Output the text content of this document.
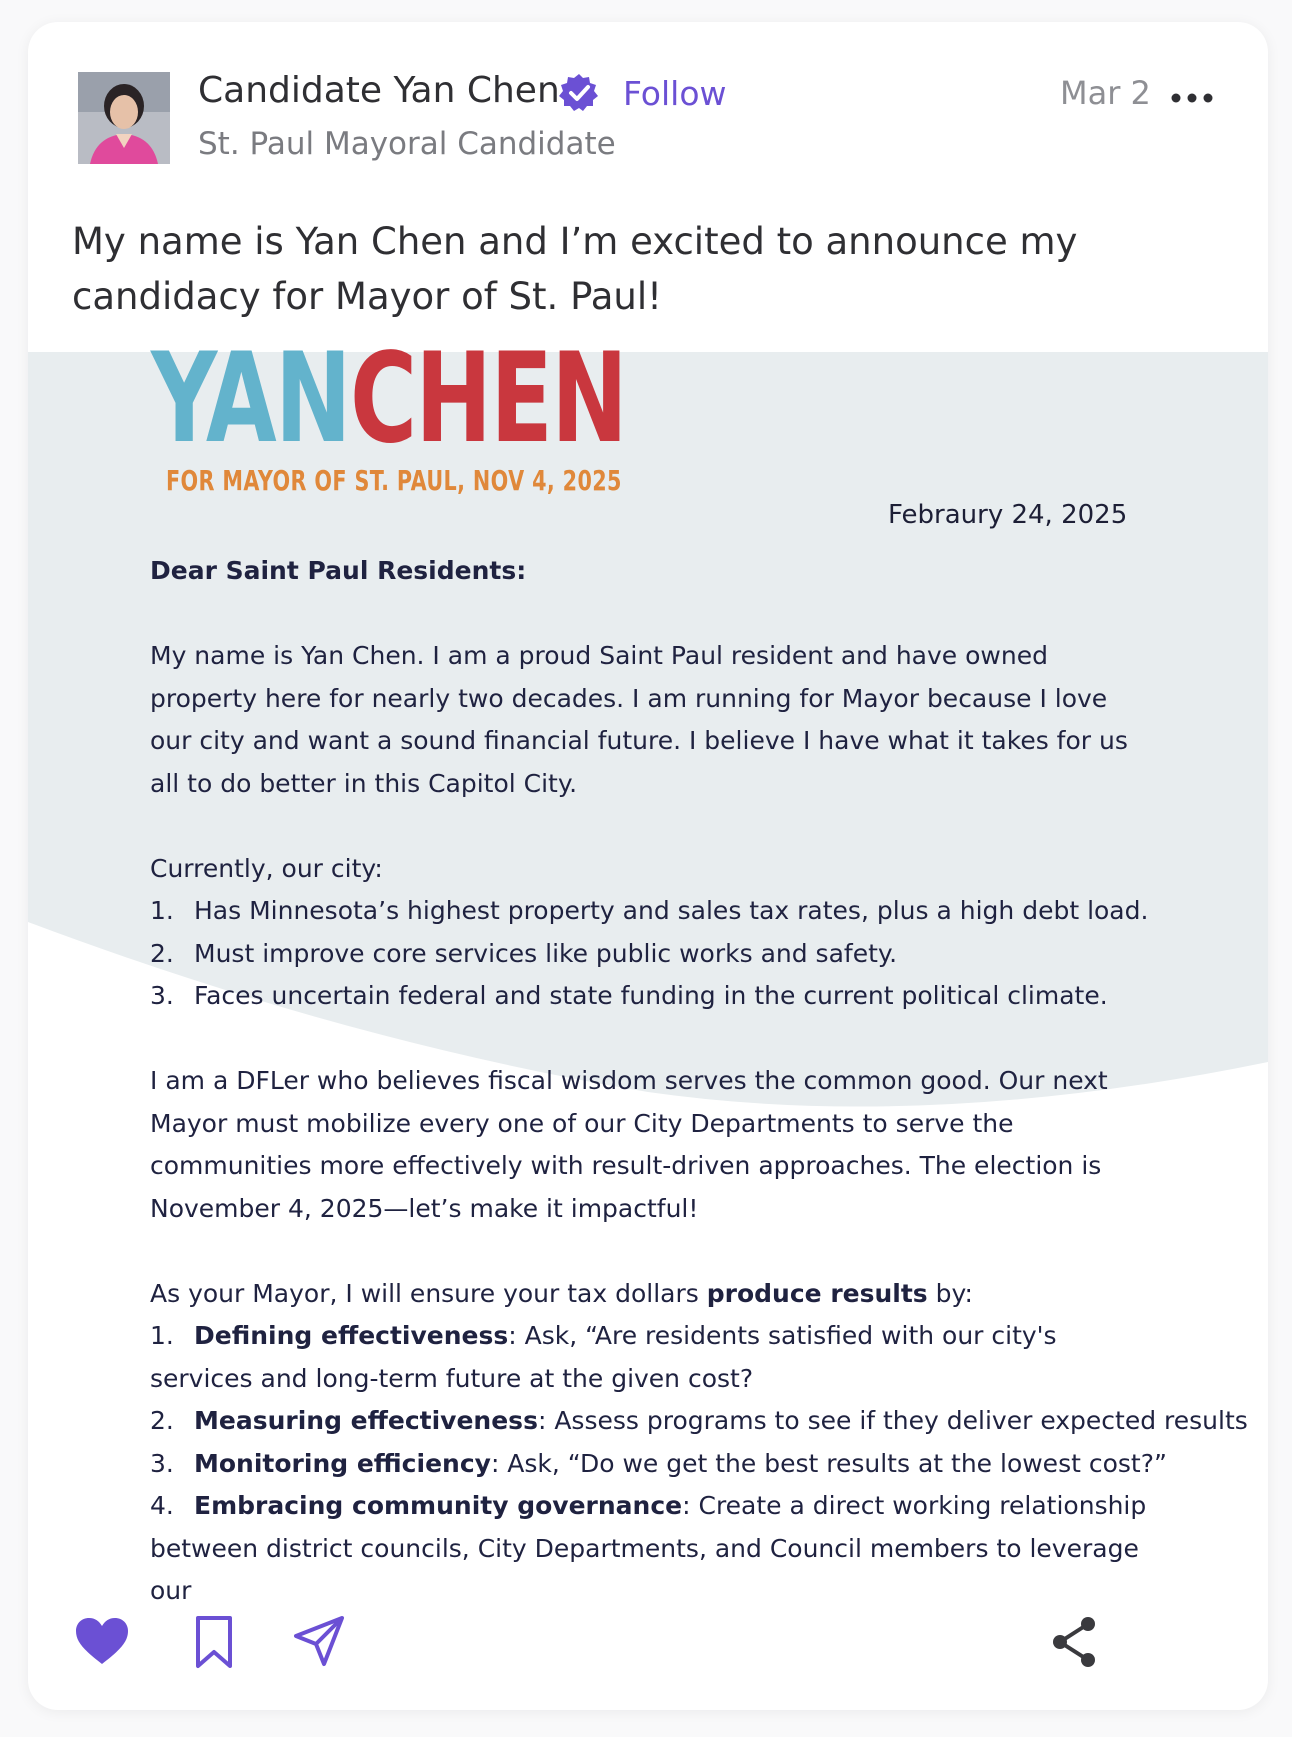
Candidate Yan Chen Follow
St. Paul Mayoral Candidate
Mar 2
My name is Yan Chen and I’m excited to announce my candidacy for Mayor of St. Paul!
YANCHEN
FOR MAYOR OF ST. PAUL, NOV 4, 2025
Febraury 24, 2025

Dear Saint Paul Residents:

My name is Yan Chen. I am a proud Saint Paul resident and have owned property here for nearly two decades. I am running for Mayor because I love our city and want a sound financial future. I believe I have what it takes for us all to do better in this Capitol City.

Currently, our city:

1. Has Minnesota’s highest property and sales tax rates, plus a high debt load.

2. Must improve core services like public works and safety.

3. Faces uncertain federal and state funding in the current political climate.

I am a DFLer who believes fiscal wisdom serves the common good. Our next Mayor must mobilize every one of our City Departments to serve the communities more effectively with result-driven approaches. The election is November 4, 2025—let’s make it impactful!

As your Mayor, I will ensure your tax dollars produce results by:

1. Defining effectiveness: Ask, “Are residents satisfied with our city's services and long-term future at the given cost?

2. Measuring effectiveness: Assess programs to see if they deliver expected results

3. Monitoring efficiency: Ask, “Do we get the best results at the lowest cost?”

4. Embracing community governance: Create a direct working relationship between district councils, City Departments, and Council members to leverage our
